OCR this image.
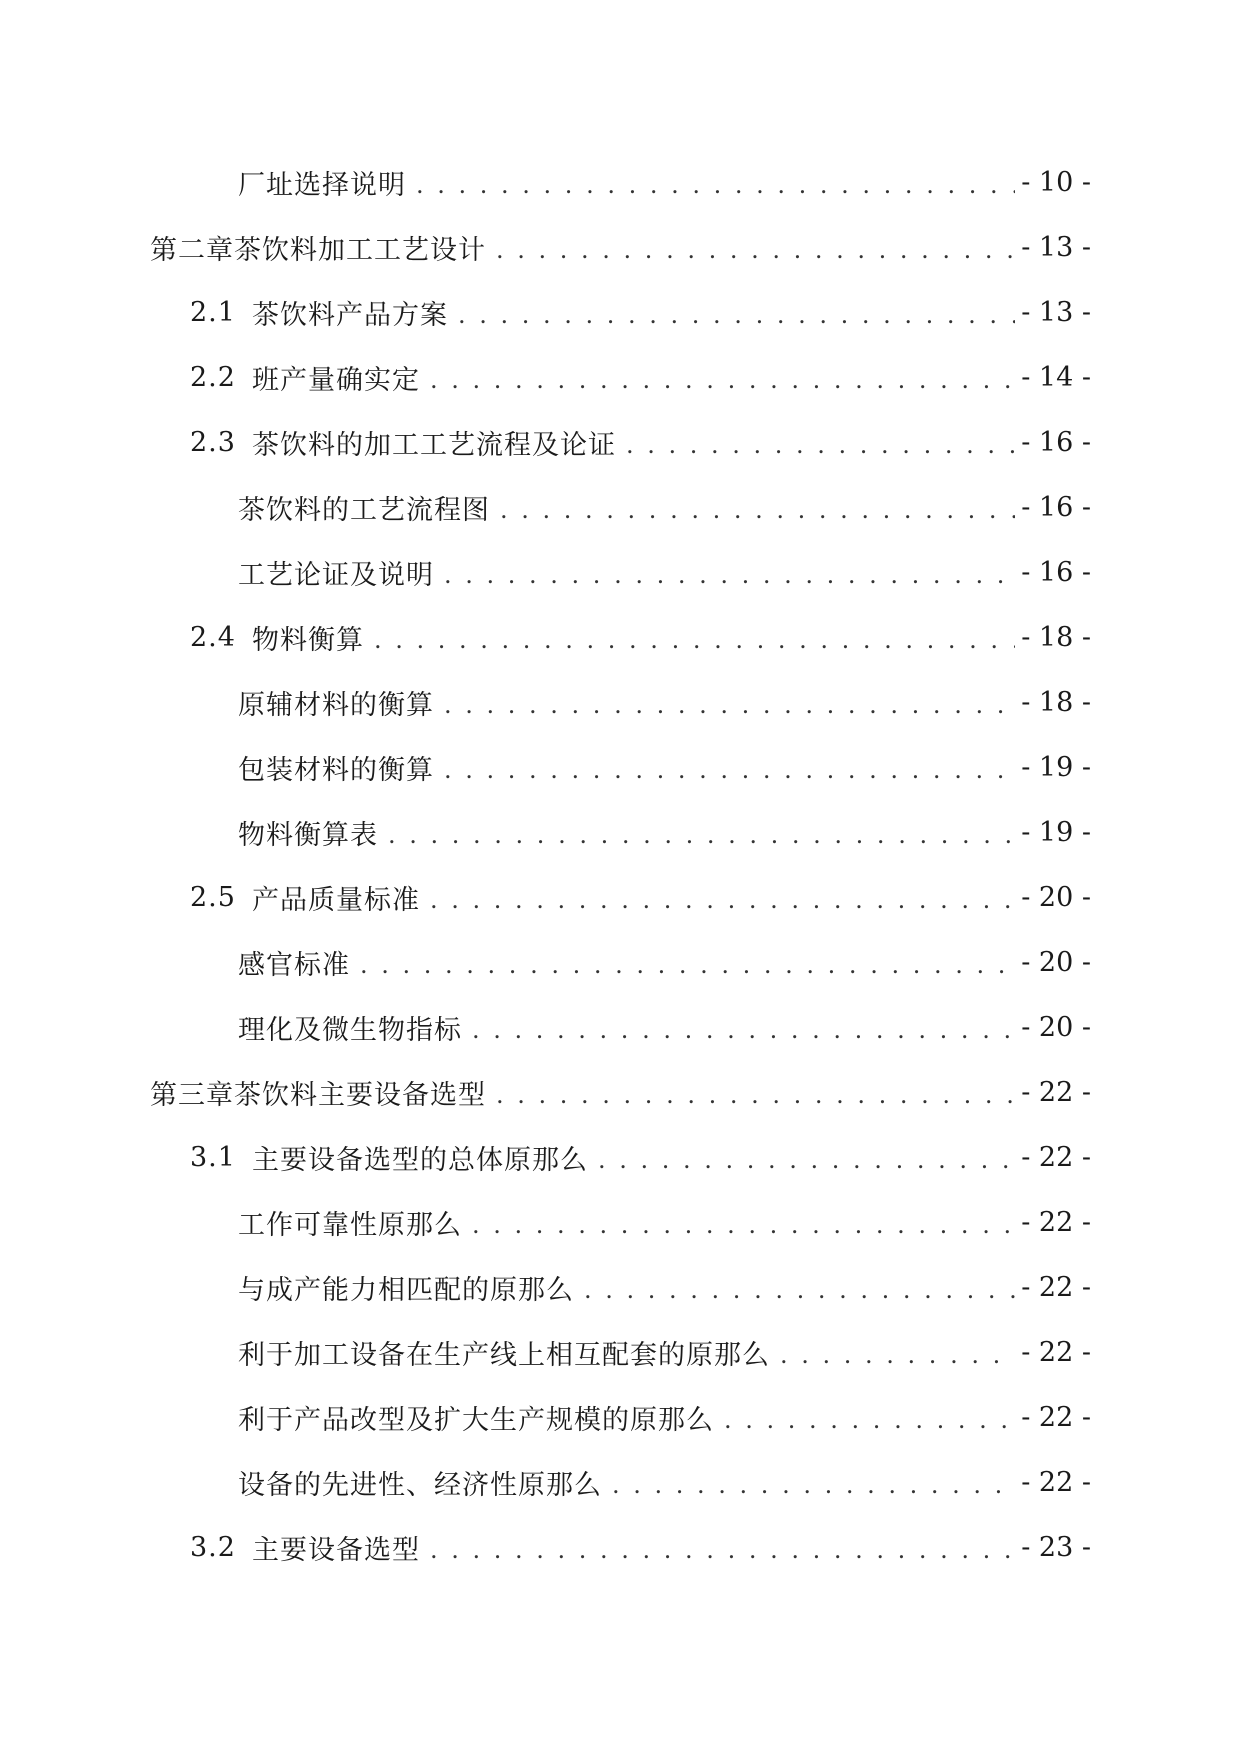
厂址选择说明 . . .	- 10 -
第二章 茶饮料加工工艺设计 . . .	- 13 -
2.1 茶饮料产品方案 . . .	- 13 -
2.2 班产量确实定 . . .	- 14 -
2.3 茶饮料的加工工艺流程及论证 . . .	- 16 -
茶饮料的工艺流程图 . . .	- 16 -
工艺论证及说明 . . .	- 16 -
2.4 物料衡算 . . .	- 18 -
原辅材料的衡算 . . .	- 18 -
包装材料的衡算 . . .	- 19 -
物料衡算表 . . .	- 19 -
2.5 产品质量标准 . . .	- 20 -
感官标准 . . .	- 20 -
理化及微生物指标 . . .	- 20 -
第三章 茶饮料主要设备选型 . . .	- 22 -
3.1 主要设备选型的总体原那么 . . .	- 22 -
工作可靠性原那么 . . .	- 22 -
与成产能力相匹配的原那么 . . .	- 22 -
利于加工设备在生产线上相互配套的原那么 . . .	- 22 -
利于产品改型及扩大生产规模的原那么 . . .	- 22 -
设备的先进性、经济性原那么 . . .	- 22 -
3.2 主要设备选型 . . .	- 23 -
